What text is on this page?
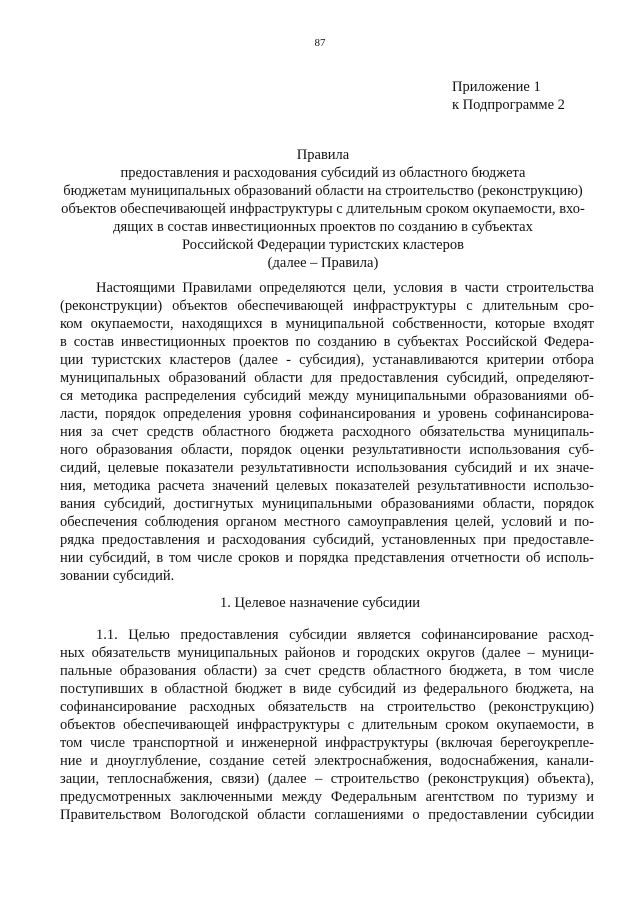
87
Приложение 1
к Подпрограмме 2
Правила
предоставления и расходования субсидий из областного бюджета
бюджетам муниципальных образований области на строительство (реконструкцию)
объектов обеспечивающей инфраструктуры с длительным сроком окупаемости, вхо-
дящих в состав инвестиционных проектов по созданию в субъектах
Российской Федерации туристских кластеров
(далее – Правила)
Настоящими Правилами определяются цели, условия в части строительства
(реконструкции) объектов обеспечивающей инфраструктуры с длительным сро-
ком окупаемости, находящихся в муниципальной собственности, которые входят
в состав инвестиционных проектов по созданию в субъектах Российской Федера-
ции туристских кластеров (далее - субсидия), устанавливаются критерии отбора
муниципальных образований области для предоставления субсидий, определяют-
ся методика распределения субсидий между муниципальными образованиями об-
ласти, порядок определения уровня софинансирования и уровень софинансирова-
ния за счет средств областного бюджета расходного обязательства муниципаль-
ного образования области, порядок оценки результативности использования суб-
сидий, целевые показатели результативности использования субсидий и их значе-
ния, методика расчета значений целевых показателей результативности использо-
вания субсидий, достигнутых муниципальными образованиями области, порядок
обеспечения соблюдения органом местного самоуправления целей, условий и по-
рядка предоставления и расходования субсидий, установленных при предоставле-
нии субсидий, в том числе сроков и порядка представления отчетности об исполь-
зовании субсидий.
1. Целевое назначение субсидии
1.1. Целью предоставления субсидии является софинансирование расход-
ных обязательств муниципальных районов и городских округов (далее – муници-
пальные образования области) за счет средств областного бюджета, в том числе
поступивших в областной бюджет в виде субсидий из федерального бюджета, на
софинансирование расходных обязательств на строительство (реконструкцию)
объектов обеспечивающей инфраструктуры с длительным сроком окупаемости, в
том числе транспортной и инженерной инфраструктуры (включая берегоукрепле-
ние и дноуглубление, создание сетей электроснабжения, водоснабжения, канали-
зации, теплоснабжения, связи) (далее – строительство (реконструкция) объекта),
предусмотренных заключенными между Федеральным агентством по туризму и
Правительством Вологодской области соглашениями о предоставлении субсидии
